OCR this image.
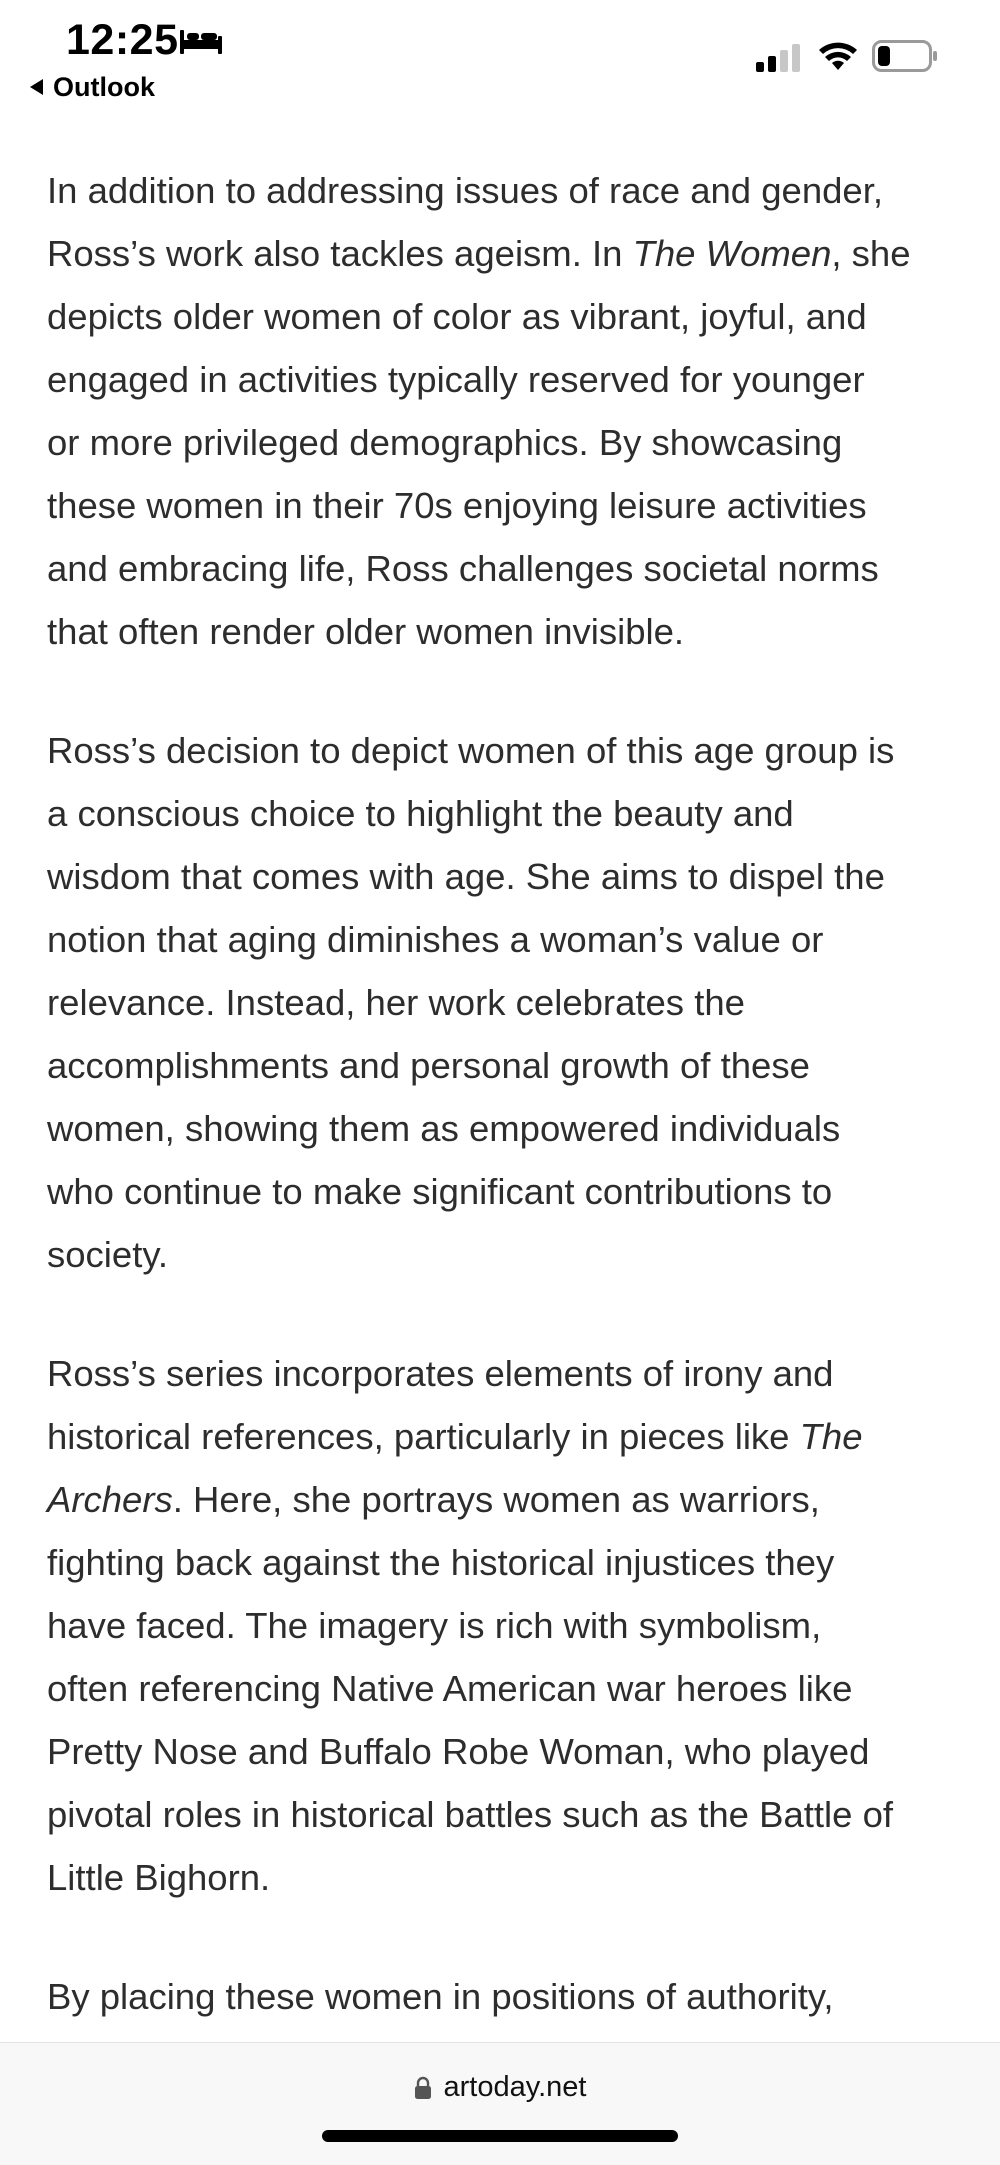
12:25
Outlook

In addition to addressing issues of race and gender,
Ross’s work also tackles ageism. In The Women, she
depicts older women of color as vibrant, joyful, and
engaged in activities typically reserved for younger
or more privileged demographics. By showcasing
these women in their 70s enjoying leisure activities
and embracing life, Ross challenges societal norms
that often render older women invisible.

Ross’s decision to depict women of this age group is
a conscious choice to highlight the beauty and
wisdom that comes with age. She aims to dispel the
notion that aging diminishes a woman’s value or
relevance. Instead, her work celebrates the
accomplishments and personal growth of these
women, showing them as empowered individuals
who continue to make significant contributions to
society.

Ross’s series incorporates elements of irony and
historical references, particularly in pieces like The
Archers. Here, she portrays women as warriors,
fighting back against the historical injustices they
have faced. The imagery is rich with symbolism,
often referencing Native American war heroes like
Pretty Nose and Buffalo Robe Woman, who played
pivotal roles in historical battles such as the Battle of
Little Bighorn.

By placing these women in positions of authority,

artoday.net
